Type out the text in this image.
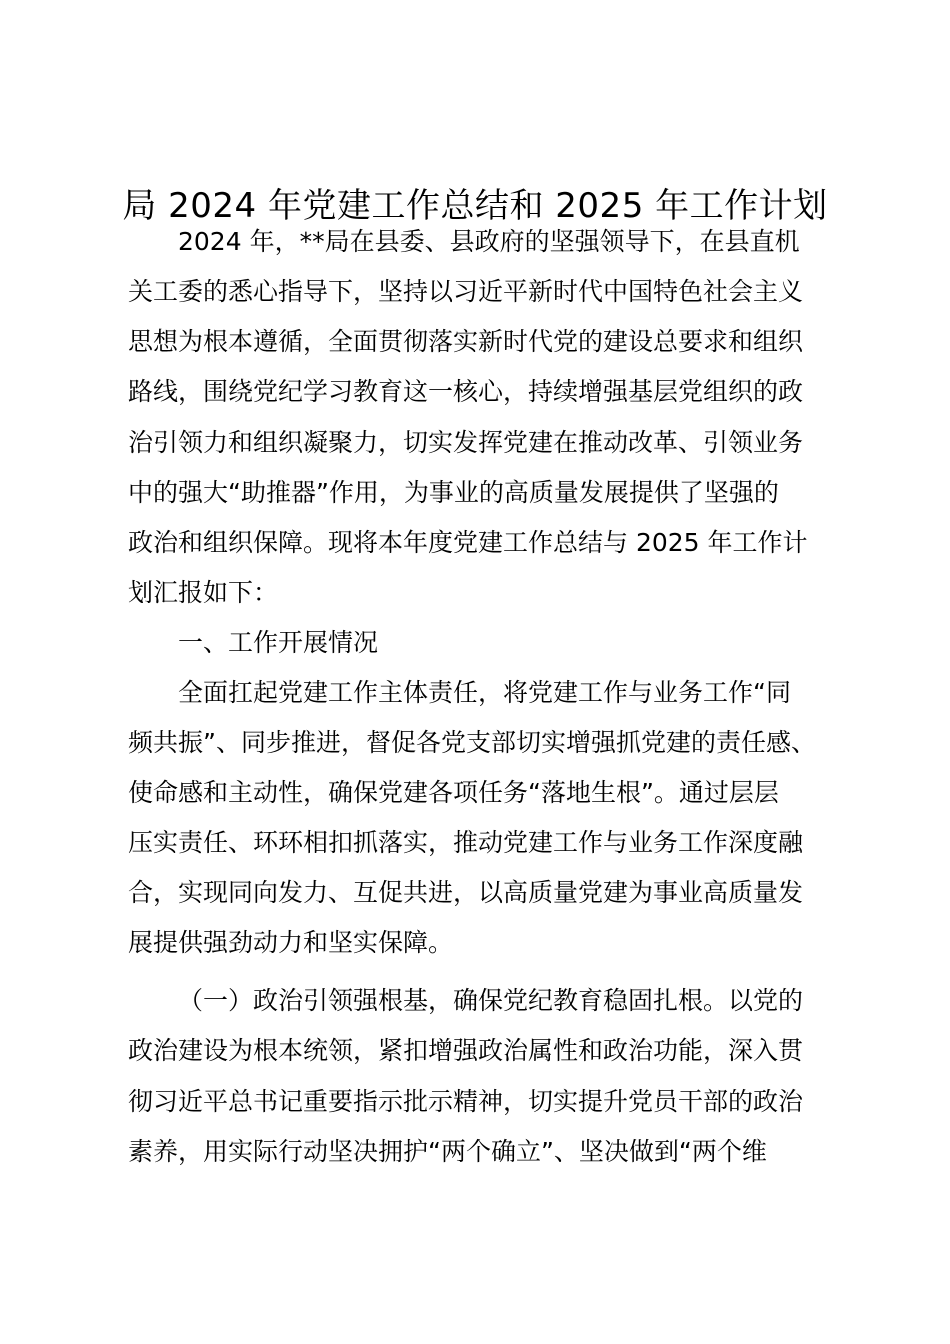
局 2024 年党建工作总结和 2025 年工作计划
2024 年，**局在县委、县政府的坚强领导下，在县直机
关工委的悉心指导下，坚持以习近平新时代中国特色社会主义
思想为根本遵循，全面贯彻落实新时代党的建设总要求和组织
路线，围绕党纪学习教育这一核心，持续增强基层党组织的政
治引领力和组织凝聚力，切实发挥党建在推动改革、引领业务
中的强大“助推器”作用，为事业的高质量发展提供了坚强的
政治和组织保障。现将本年度党建工作总结与 2025 年工作计
划汇报如下：
一、工作开展情况
全面扛起党建工作主体责任，将党建工作与业务工作“同
频共振”、同步推进，督促各党支部切实增强抓党建的责任感、
使命感和主动性，确保党建各项任务“落地生根”。通过层层
压实责任、环环相扣抓落实，推动党建工作与业务工作深度融
合，实现同向发力、互促共进，以高质量党建为事业高质量发
展提供强劲动力和坚实保障。
（一）政治引领强根基，确保党纪教育稳固扎根。以党的
政治建设为根本统领，紧扣增强政治属性和政治功能，深入贯
彻习近平总书记重要指示批示精神，切实提升党员干部的政治
素养，用实际行动坚决拥护“两个确立”、坚决做到“两个维
